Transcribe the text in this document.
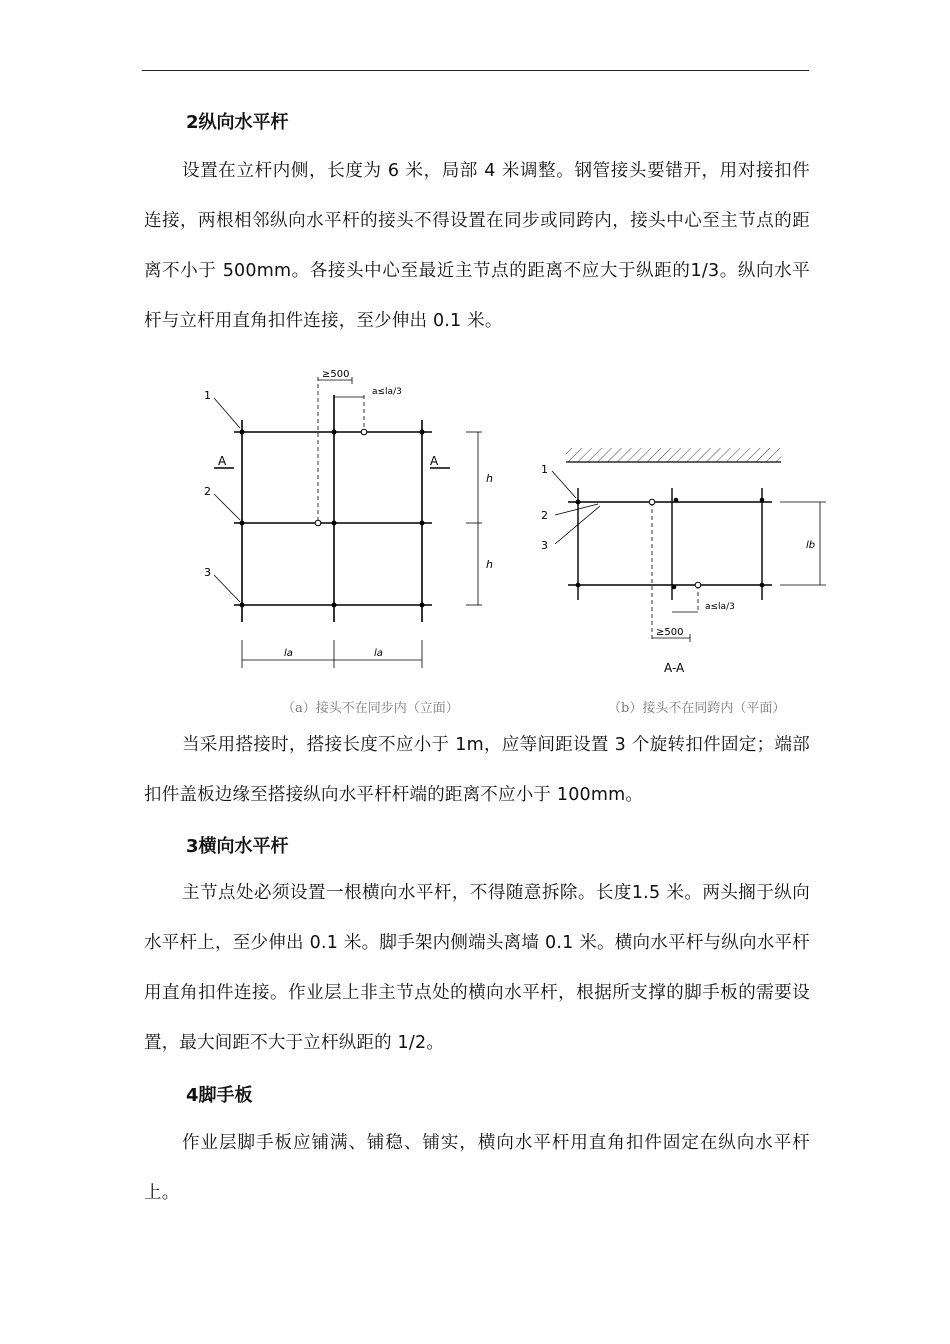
2纵向水平杆
设置在立杆内侧，长度为 6 米，局部 4 米调整。钢管接头要错开，用对接扣件连接，两根相邻纵向水平杆的接头不得设置在同步或同跨内，接头中心至主节点的距离不小于 500mm。各接头中心至最近主节点的距离不应大于纵距的1/3。纵向水平杆与立杆用直角扣件连接，至少伸出 0.1 米。
≥500
a≤la/3
1
2
3
A	A
h
h
la	la
1
2
3
a≤la/3
≥500
lb
A-A
（a）接头不在同步内（立面）	（b）接头不在同跨内（平面）
当采用搭接时，搭接长度不应小于 1m，应等间距设置 3 个旋转扣件固定；端部扣件盖板边缘至搭接纵向水平杆杆端的距离不应小于 100mm。
3横向水平杆
主节点处必须设置一根横向水平杆，不得随意拆除。长度1.5 米。两头搁于纵向水平杆上，至少伸出 0.1 米。脚手架内侧端头离墙 0.1 米。横向水平杆与纵向水平杆用直角扣件连接。作业层上非主节点处的横向水平杆，根据所支撑的脚手板的需要设置，最大间距不大于立杆纵距的 1/2。
4脚手板
作业层脚手板应铺满、铺稳、铺实，横向水平杆用直角扣件固定在纵向水平杆上。
